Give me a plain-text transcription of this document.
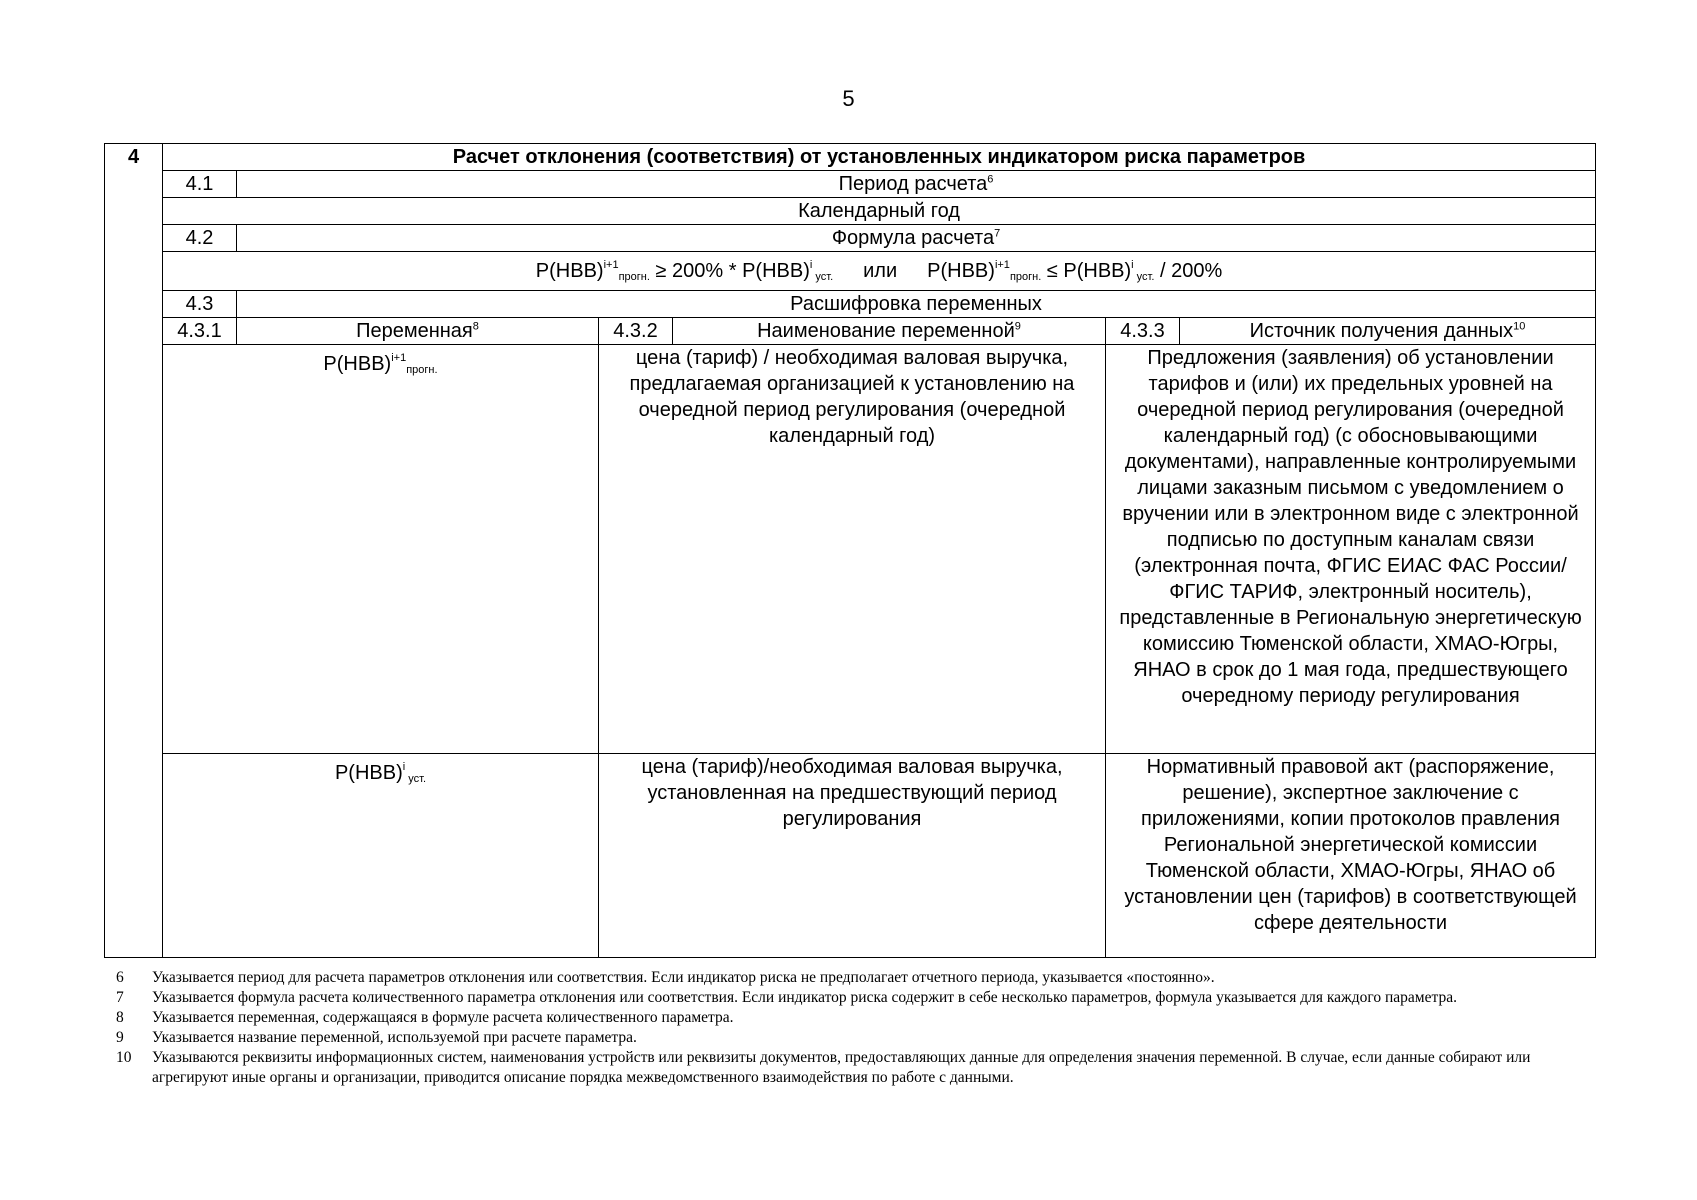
5
4	Расчет отклонения (соответствия) от установленных индикатором риска параметров					
	4.1	Период расчета$^6$
	Календарный год					
	4.2	Формула расчета$^7$
	P(НВВ)$^{i+1}$прогн. ≥ 200% * P(НВВ)$^i$ уст. или P(НВВ)$^{i+1}$прогн. ≤ P(НВВ)$^i$ уст. / 200%					
	4.3	Расшифровка переменных				
	4.3.1	Переменная$^8$	4.3.2	Наименование переменной$^9$	4.3.3	Источник получения данных$^{10}$
	P(НВВ)$^{i+1}$прогн.		цена (тариф) / необходимая валовая выручка, предлагаемая организацией к установлению на очередной период регулирования (очередной календарный год)		Предложения (заявления) об установлении тарифов и (или) их предельных уровней на очередной период регулирования (очередной календарный год) (с обосновывающими документами), направленные контролируемыми лицами заказным письмом с уведомлением о вручении или в электронном виде с электронной подписью по доступным каналам связи (электронная почта, ФГИС ЕИАС ФАС России/ФГИС ТАРИФ, электронный носитель), представленные в Региональную энергетическую комиссию Тюменской области, ХМАО-Югры, ЯНАО в срок до 1 мая года, предшествующего очередному периоду регулирования	
	P(НВВ)$^i$ уст.		цена (тариф)/необходимая валовая выручка, установленная на предшествующий период регулирования		Нормативный правовой акт (распоряжение, решение), экспертное заключение с приложениями, копии протоколов правления Региональной энергетической комиссии Тюменской области, ХМАО-Югры, ЯНАО об установлении цен (тарифов) в соответствующей сфере деятельности	
6	Указывается период для расчета параметров отклонения или соответствия. Если индикатор риска не предполагает отчетного периода, указывается «постоянно».
7	Указывается формула расчета количественного параметра отклонения или соответствия. Если индикатор риска содержит в себе несколько параметров, формула указывается для каждого параметра.
8	Указывается переменная, содержащаяся в формуле расчета количественного параметра.
9	Указывается название переменной, используемой при расчете параметра.
10	Указываются реквизиты информационных систем, наименования устройств или реквизиты документов, предоставляющих данные для определения значения переменной. В случае, если данные собирают или агрегируют иные органы и организации, приводится описание порядка межведомственного взаимодействия по работе с данными.
